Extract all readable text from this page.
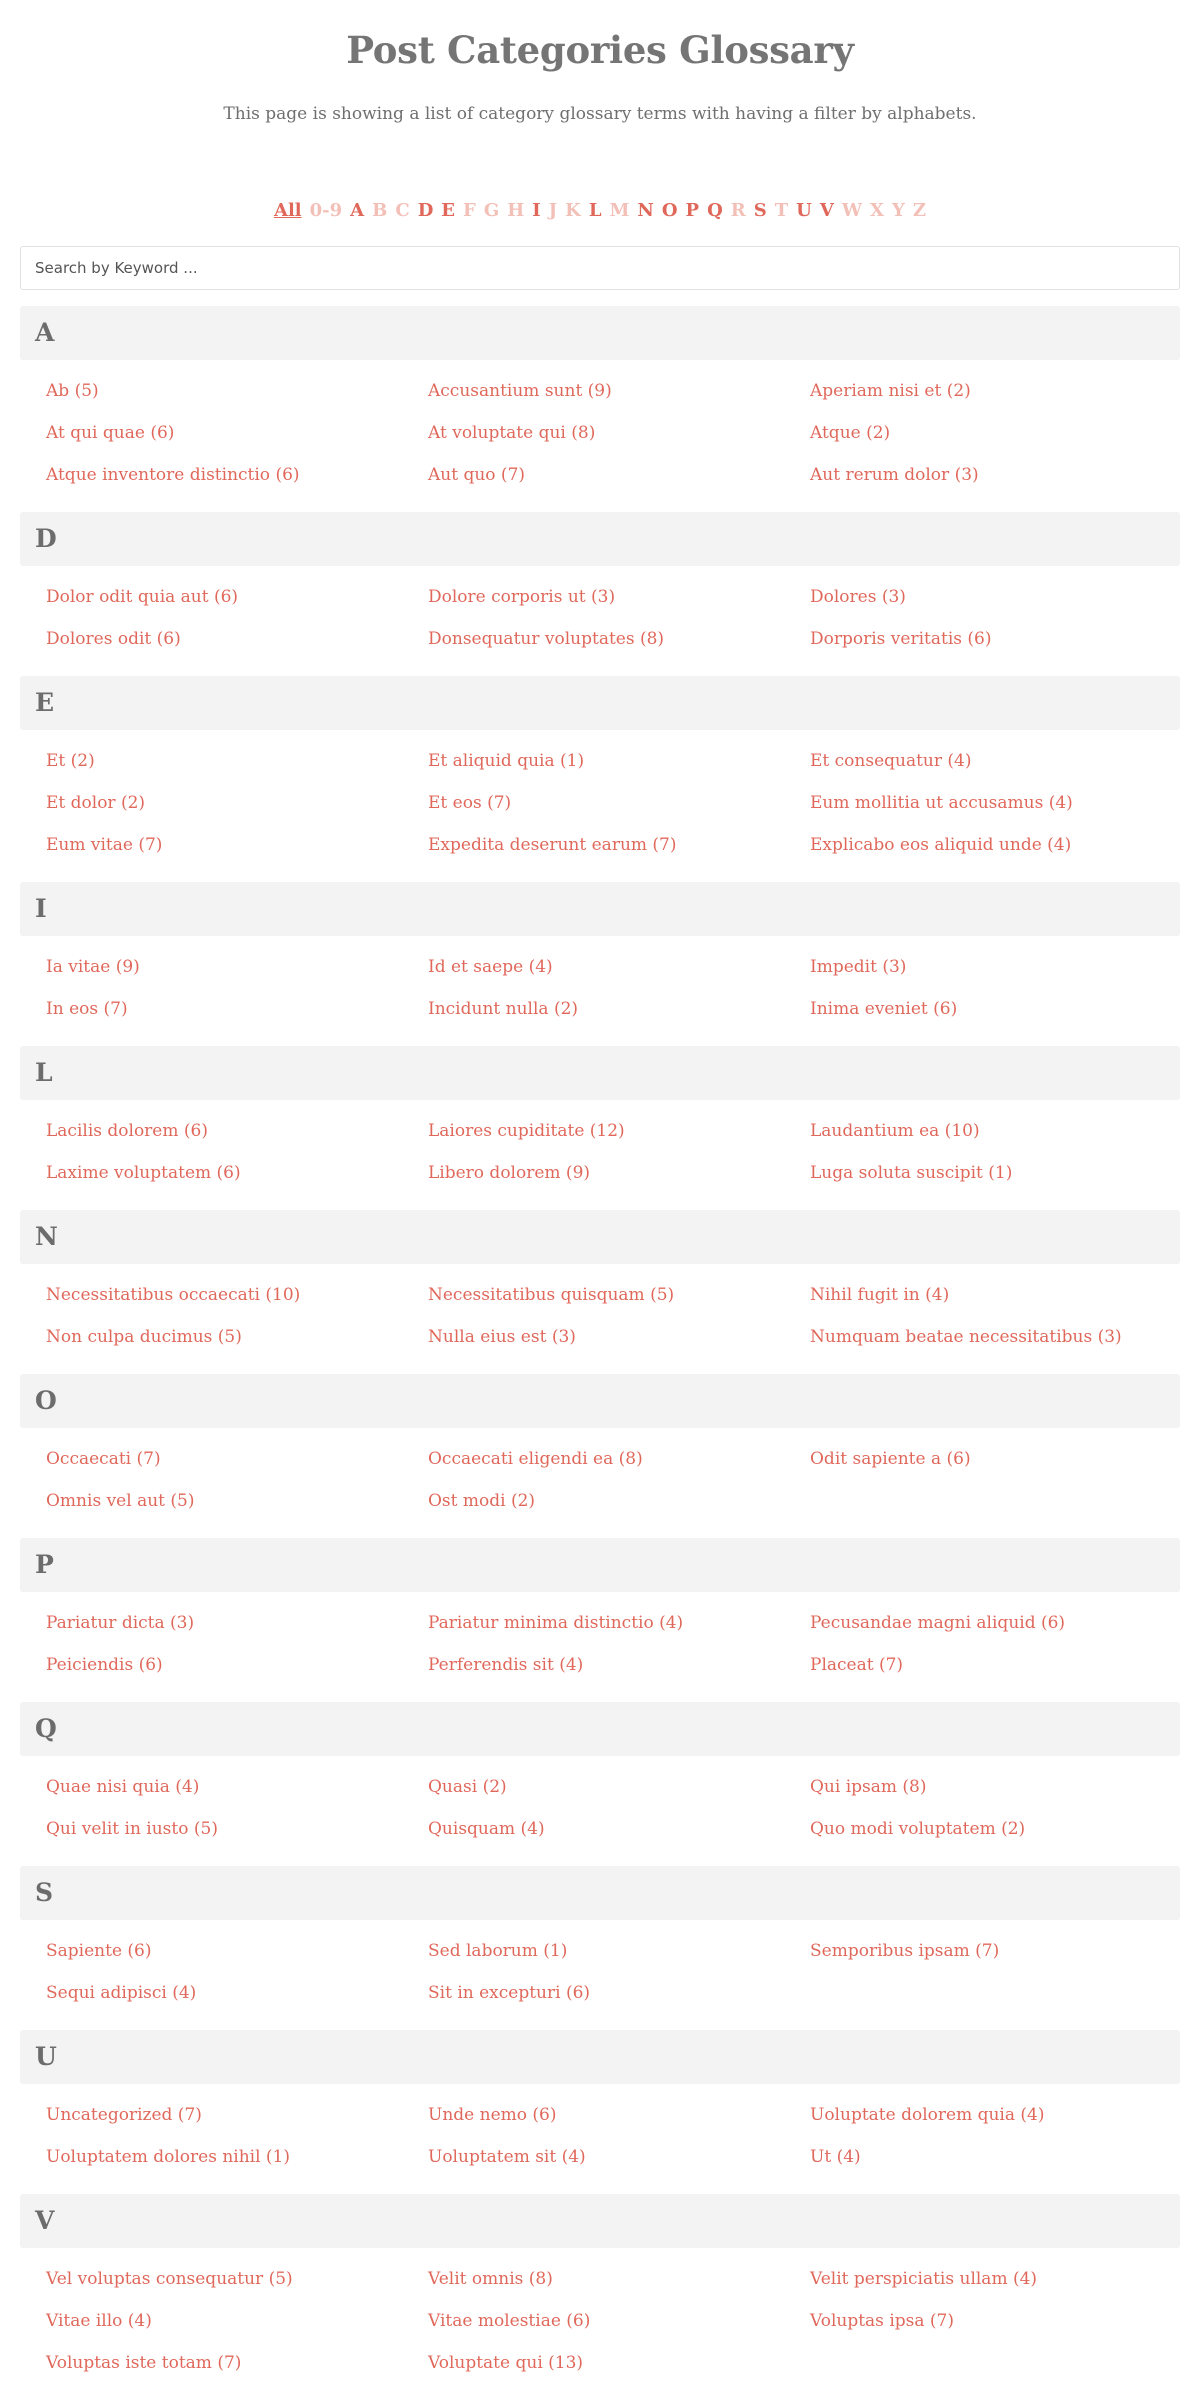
Post Categories Glossary

This page is showing a list of category glossary terms with having a filter by alphabets.

All 0-9 A B C D E F G H I J K L M N O P Q R S T U V W X Y Z
Search by Keyword ...
A
Ab (5)	Accusantium sunt (9)	Aperiam nisi et (2)
At qui quae (6)	At voluptate qui (8)	Atque (2)
Atque inventore distinctio (6)	Aut quo (7)	Aut rerum dolor (3)
D
Dolor odit quia aut (6)	Dolore corporis ut (3)	Dolores (3)
Dolores odit (6)	Donsequatur voluptates (8)	Dorporis veritatis (6)
E
Et (2)	Et aliquid quia (1)	Et consequatur (4)
Et dolor (2)	Et eos (7)	Eum mollitia ut accusamus (4)
Eum vitae (7)	Expedita deserunt earum (7)	Explicabo eos aliquid unde (4)
I
Ia vitae (9)	Id et saepe (4)	Impedit (3)
In eos (7)	Incidunt nulla (2)	Inima eveniet (6)
L
Lacilis dolorem (6)	Laiores cupiditate (12)	Laudantium ea (10)
Laxime voluptatem (6)	Libero dolorem (9)	Luga soluta suscipit (1)
N
Necessitatibus occaecati (10)	Necessitatibus quisquam (5)	Nihil fugit in (4)
Non culpa ducimus (5)	Nulla eius est (3)	Numquam beatae necessitatibus (3)
O
Occaecati (7)	Occaecati eligendi ea (8)	Odit sapiente a (6)
Omnis vel aut (5)	Ost modi (2)
P
Pariatur dicta (3)	Pariatur minima distinctio (4)	Pecusandae magni aliquid (6)
Peiciendis (6)	Perferendis sit (4)	Placeat (7)
Q
Quae nisi quia (4)	Quasi (2)	Qui ipsam (8)
Qui velit in iusto (5)	Quisquam (4)	Quo modi voluptatem (2)
S
Sapiente (6)	Sed laborum (1)	Semporibus ipsam (7)
Sequi adipisci (4)	Sit in excepturi (6)
U
Uncategorized (7)	Unde nemo (6)	Uoluptate dolorem quia (4)
Uoluptatem dolores nihil (1)	Uoluptatem sit (4)	Ut (4)
V
Vel voluptas consequatur (5)	Velit omnis (8)	Velit perspiciatis ullam (4)
Vitae illo (4)	Vitae molestiae (6)	Voluptas ipsa (7)
Voluptas iste totam (7)	Voluptate qui (13)
